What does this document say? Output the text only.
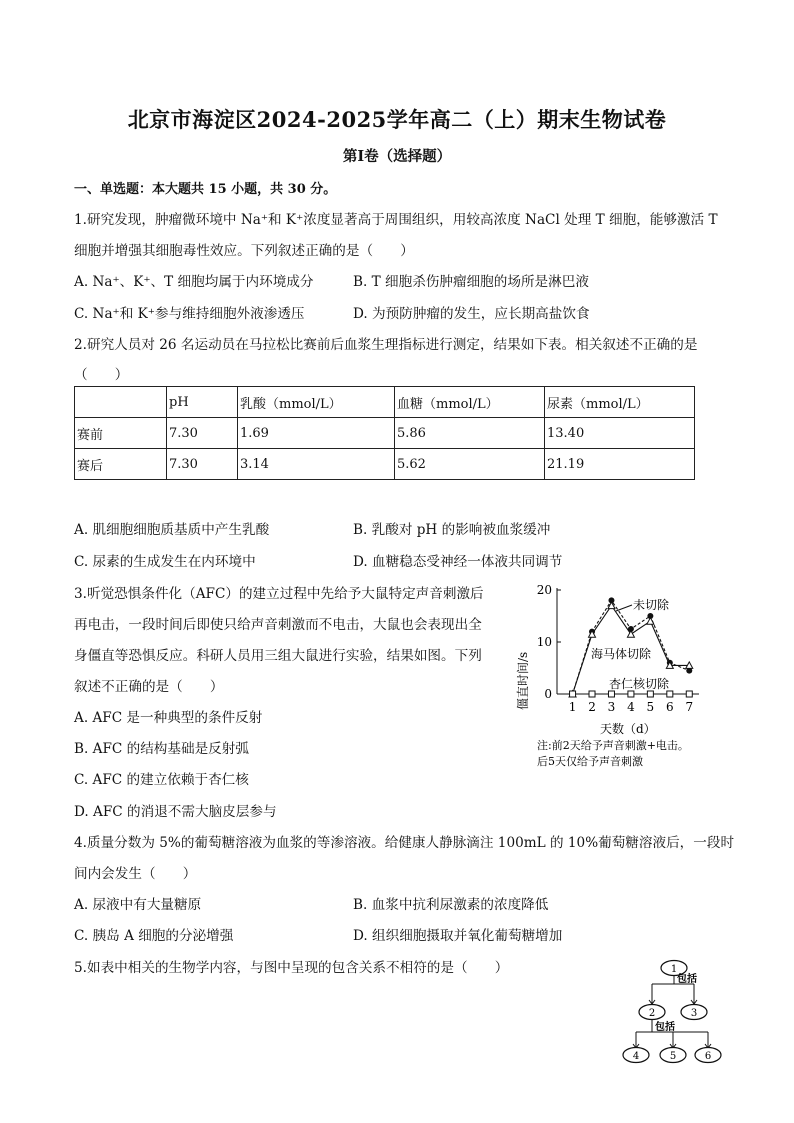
北京市海淀区2024-2025学年高二（上）期末生物试卷
第I卷（选择题）
一、单选题：本大题共 15 小题，共 30 分。
1.研究发现，肿瘤微环境中 Na⁺和 K⁺浓度显著高于周围组织，用较高浓度 NaCl 处理 T 细胞，能够激活 T
细胞并增强其细胞毒性效应。下列叙述正确的是（　　）
A. Na⁺、K⁺、T 细胞均属于内环境成分	B. T 细胞杀伤肿瘤细胞的场所是淋巴液
C. Na⁺和 K⁺参与维持细胞外液渗透压	D. 为预防肿瘤的发生，应长期高盐饮食
2.研究人员对 26 名运动员在马拉松比赛前后血浆生理指标进行测定，结果如下表。相关叙述不正确的是
（　　）
	pH	乳酸（mmol/L）	血糖（mmol/L）	尿素（mmol/L）
赛前	7.30	1.69	5.86	13.40
赛后	7.30	3.14	5.62	21.19
A. 肌细胞细胞质基质中产生乳酸	B. 乳酸对 pH 的影响被血浆缓冲
C. 尿素的生成发生在内环境中	D. 血糖稳态受神经一体液共同调节
3.听觉恐惧条件化（AFC）的建立过程中先给予大鼠特定声音刺激后
再电击，一段时间后即使只给声音刺激而不电击，大鼠也会表现出全
身僵直等恐惧反应。科研人员用三组大鼠进行实验，结果如图。下列
叙述不正确的是（　　）
A. AFC 是一种典型的条件反射
B. AFC 的结构基础是反射弧
C. AFC 的建立依赖于杏仁核
D. AFC 的消退不需大脑皮层参与
0
10
20
1 2 3 4 5 6 7
未切除
海马体切除
杏仁核切除
僵直时间/s
天数（d）
注:前2天给予声音刺激+电击。
后5天仅给予声音刺激
4.质量分数为 5%的葡萄糖溶液为血浆的等渗溶液。给健康人静脉滴注 100mL 的 10%葡萄糖溶液后，一段时
间内会发生（　　）
A. 尿液中有大量糖原	B. 血浆中抗利尿激素的浓度降低
C. 胰岛 A 细胞的分泌增强	D. 组织细胞摄取并氧化葡萄糖增加
5.如表中相关的生物学内容，与图中呈现的包含关系不相符的是（　　）	1
2	3
4	5	6
包括
包括
